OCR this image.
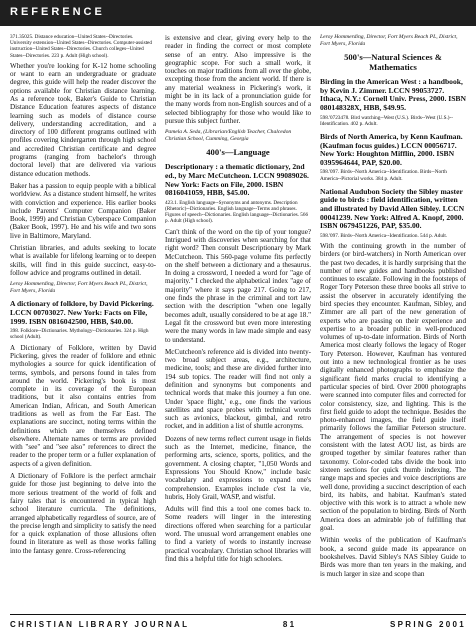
REFERENCE

371.35025. Distance education--United States--Directories. University extension--United States--Directories. Computer-assisted instruction--United States--Directories. Church colleges--United States--Directories. 223 p. Adult (High school).

Whether you're looking for K-12 home schooling or want to earn an undergraduate or graduate degree, this guide will help the reader discover the options available for Christian distance learning. As a reference took, Baker's Guide to Christian Distance Education features aspects of distance learning such as models of distance course delivery, understanding accreditation, and a directory of 100 different programs outlined with profiles covering kindergarten through high school and accredited Christian certificate and degree programs (ranging from bachelor's through doctoral level) that are delivered via various distance education methods.

Baker has a passion to equip people with a biblical worldview. As a distance student himself, he writes with conviction and experience. His earlier books include Parents' Computer Companion (Baker Book, 1999) and Christian Cyberspace Companion (Baker Book, 1997). He and his wife and two sons live in Baltimore, Maryland.

Christian libraries, and adults seeking to locate what is available for lifelong learning or to deepen skills, will find in this guide succinct, easy-to-follow advice and programs outlined in detail.

Leroy Hommerding, Director, Fort Myers Beach PL, District, Fort Myers, Florida
A dictionary of folklore, by David Pickering. LCCN 00703027. New York: Facts on File, 1999. ISBN 0816042500, HBB, $40.00.

398. Folklore--Dictionaries. Mythology--Dictionaries. 324 p. High school (Adult).

A Dictionary of Folklore, written by David Pickering, gives the reader of folklore and ethnic mythologies a source for quick identification of terms, symbols, and persons found in tales from around the world. Pickering's book is most complete in its coverage of the European traditions, but it also contains entries from American Indian, African, and South American traditions as well as from the Far East. The explanations are succinct, noting terms within the definitions which are themselves defined elsewhere. Alternate names or terms are provided with "see" and "see also" references to direct the reader to the proper term or a fuller explanation of aspects of a given definition.

A Dictionary of Folklore is the perfect armchair guide for those just beginning to delve into the more serious treatment of the world of folk and fairy tales that is encountered in typical high school literature curricula. The definitions, arranged alphabetically regardless of source, are of the precise length and simplicity to satisfy the need for a quick explanation of those allusions often found in literature as well as those works falling into the fantasy genre. Cross-referencing

is extensive and clear, giving every help to the reader in finding the correct or most complete sense of an entry. Also impressive is the geographic scope. For such a small work, it touches on major traditions from all over the globe, excepting those from the ancient world. If there is any material weakness in Pickering's work, it might be in its lack of a pronunciation guide for the many words from non-English sources and of a selected bibliography for those who would like to pursue this subject further.

Pamela A. Seda, (Librarian/English Teacher, Chalcedon Christian School, Cumming, Georgia
400's—Language
Descriptionary : a thematic dictionary, 2nd ed., by Marc McCutcheon. LCCN 99089026. New York: Facts on File, 2000. ISBN 0816041059, HBB, $45.00.

423.1. English language--Synonyms and antonyms. Description (Rhetoric)--Dictionaries. English language--Terms and phrases. Figures of speech--Dictionaries. English language--Dictionaries. 566 p. Adult (High school).

Can't think of the word on the tip of your tongue? Intrigued with discoveries when searching for that right word? Then consult Descriptionary by Mark McCutcheon. This 560-page volume fits perfectly on the shelf between a dictionary and a thesaurus. In doing a crossword, I needed a word for "age of majority." I checked the alphabetical index "age of majority" where it says page 217. Going to 217, one finds the phrase in the criminal and tort law section with the description "when one legally becomes adult, usually considered to be at age 18." Legal fit the crossword but even more interesting were the many words in law made simple and easy to understand.

McCutcheon's reference aid is divided into twenty-two broad subject areas, e.g., architecture, medicine, tools; and these are divided further into 194 sub topics. The reader will find not only a definition and synonyms but components and technical words that make this journey a fun one. Under 'space flight,' e.g., one finds the various satellites and space probes with technical words such as avionics, blackout, gimbal, and retro rocket, and in addition a list of shuttle acronyms.

Dozens of new terms reflect current usage in fields such as the Internet, medicine, finance, the performing arts, science, sports, politics, and the government. A closing chapter, "1,050 Words and Expressions You Should Know," include basic vocabulary and expressions to expand one's comprehension. Examples include c'est la vie, hubris, Holy Grail, WASP, and wistful.

Adults will find this a tool one comes back to. Some readers will linger in the interesting directions offered when searching for a particular word. The unusual word arrangement enables one to find a variety of words to instantly increase practical vocabulary. Christian school libraries will find this a helpful title for high schoolers.

Leroy Hommerding, Director, Fort Myers Beach PL, District, Fort Myers, Florida
500's—Natural Sciences & Mathematics
Birding in the American West : a handbook, by Kevin J. Zimmer. LCCN 99053727. Ithaca, N.Y.: Cornell Univ. Press, 2000. ISBN 080148328X, HBB, $49.95.

598.'0723478. Bird watching--West (U.S.). Birds--West (U.S.)--Identification. 402 p. Adult.

Birds of North America, by Kenn Kaufman. (Kaufman focus guides.) LCCN 00056717. New York: Houghton Mifflin, 2000. ISBN 0395964644, PAP, $20.00.

598.'097. Birds--North America--Identification. Birds--North America--Pictorial works. 384 p. Adult.

National Audubon Society the Sibley master guide to birds : field identification, written and illustrated by David Allen Sibley. LCCN 00041239. New York: Alfred A. Knopf, 2000. ISBN 0679451226, PAP, $35.00.

598.'097. Birds--North America--Identification. 544 p. Adult.

With the continuing growth in the number of birders (or bird-watchers) in North American over the past two decades, it is hardly surprising that the number of new guides and handbooks published continues to escalate. Following in the footsteps of Roger Tory Peterson these three books all strive to assist the observer in accurately identifying the bird species they encounter. Kaufman, Sibley, and Zimmer are all part of the new generation of experts who are passing on their experience and expertise to a broader public in well-produced volumes of up-to-date information. Birds of North America most clearly follows the legacy of Roger Tory Peterson. However, Kaufman has ventured out into a new technological frontier as he uses digitally enhanced photographs to emphasize the significant field marks crucial to identifying a particular species of bird. Over 2000 photographs were scanned into computer files and corrected for color consistency, size, and lighting. This is the first field guide to adopt the technique. Besides the photo-enhanced images, the field guide itself primarily follows the familiar Peterson structure. The arrangement of species is not however consistent with the latest AOU list, as birds are grouped together by similar features rather than taxonomy. Color-coded tabs divide the book into sixteen sections for quick thumb indexing. The range maps and species and voice descriptions are well done, providing a succinct description of each bird, its habits, and habitat. Kaufman's stated objective with this work is to attract a whole new section of the population to birding. Birds of North America does an admirable job of fulfilling that goal.

Within weeks of the publication of Kaufman's book, a second guide made its appearance on bookshelves. David Sibley's NAS Sibley Guide to Birds was more than ten years in the making, and is much larger in size and scope than

CHRISTIAN LIBRARY JOURNAL	81	SPRING 2001
